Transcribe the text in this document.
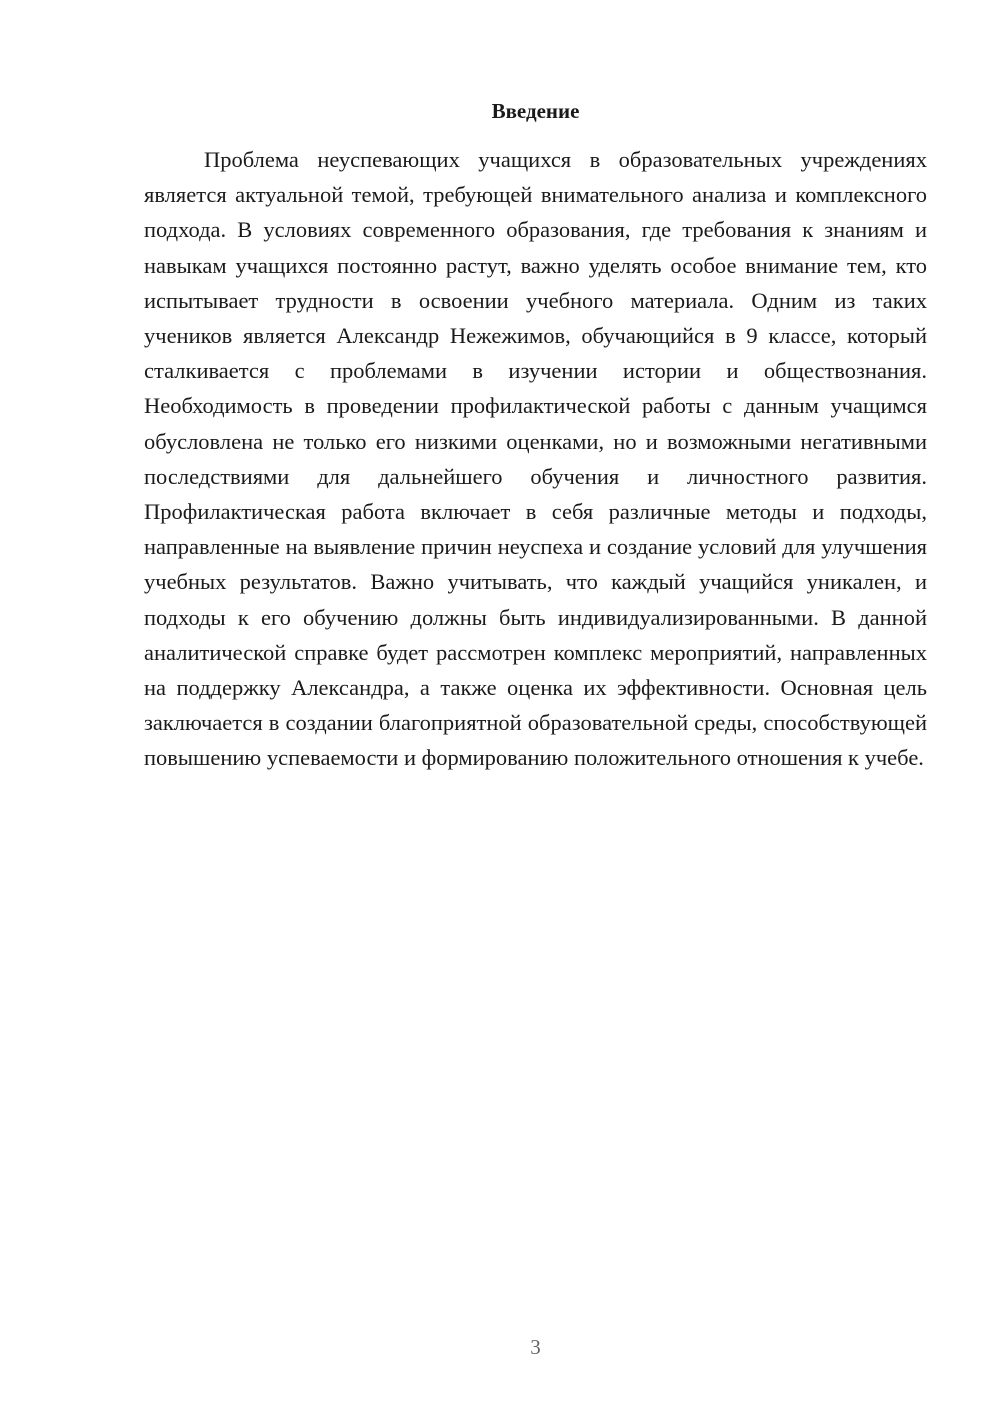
Введение

Проблема неуспевающих учащихся в образовательных учреждениях является актуальной темой, требующей внимательного анализа и комплексного подхода. В условиях современного образования, где требования к знаниям и навыкам учащихся постоянно растут, важно уделять особое внимание тем, кто испытывает трудности в освоении учебного материала. Одним из таких учеников является Александр Нежежимов, обучающийся в 9 классе, который сталкивается с проблемами в изучении истории и обществознания. Необходимость в проведении профилактической работы с данным учащимся обусловлена не только его низкими оценками, но и возможными негативными последствиями для дальнейшего обучения и личностного развития. Профилактическая работа включает в себя различные методы и подходы, направленные на выявление причин неуспеха и создание условий для улучшения учебных результатов. Важно учитывать, что каждый учащийся уникален, и подходы к его обучению должны быть индивидуализированными. В данной аналитической справке будет рассмотрен комплекс мероприятий, направленных на поддержку Александра, а также оценка их эффективности. Основная цель заключается в создании благоприятной образовательной среды, способствующей повышению успеваемости и формированию положительного отношения к учебе.

3
